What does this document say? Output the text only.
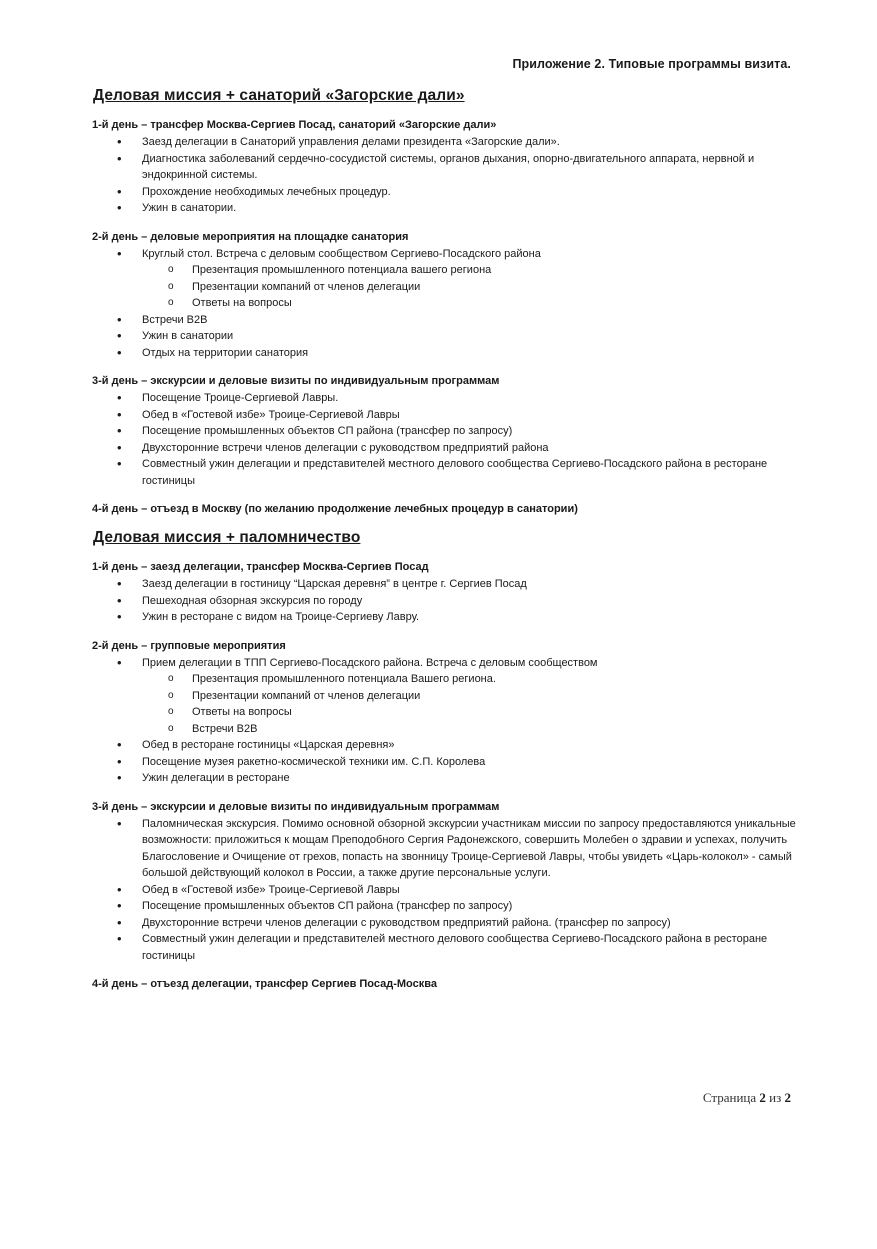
Приложение 2. Типовые программы визита.
Деловая миссия + санаторий «Загорские дали»
1-й день – трансфер Москва-Сергиев Посад, санаторий «Загорские дали»
• Заезд делегации в Санаторий управления делами президента «Загорские дали».
• Диагностика заболеваний сердечно-сосудистой системы, органов дыхания, опорно-двигательного аппарата, нервной и эндокринной системы.
• Прохождение необходимых лечебных процедур.
• Ужин в санатории.
2-й день – деловые мероприятия на площадке санатория
• Круглый стол. Встреча с деловым сообществом Сергиево-Посадского района
o Презентация промышленного потенциала вашего региона
o Презентации компаний от членов делегации
o Ответы на вопросы
• Встречи B2B
• Ужин в санатории
• Отдых на территории санатория
3-й день – экскурсии и деловые визиты по индивидуальным программам
• Посещение Троице-Сергиевой Лавры.
• Обед в «Гостевой избе» Троице-Сергиевой Лавры
• Посещение промышленных объектов СП района (трансфер по запросу)
• Двухсторонние встречи членов делегации с руководством предприятий района
• Совместный ужин делегации и представителей местного делового сообщества Сергиево-Посадского района в ресторане гостиницы
4-й день – отъезд в Москву (по желанию продолжение лечебных процедур в санатории)
Деловая миссия + паломничество
1-й день – заезд делегации, трансфер Москва-Сергиев Посад
• Заезд делегации в гостиницу “Царская деревня” в центре г. Сергиев Посад
• Пешеходная обзорная экскурсия по городу
• Ужин в ресторане с видом на Троице-Сергиеву Лавру.
2-й день – групповые мероприятия
• Прием делегации в ТПП Сергиево-Посадского района. Встреча с деловым сообществом
o Презентация промышленного потенциала Вашего региона.
o Презентации компаний от членов делегации
o Ответы на вопросы
o Встречи B2B
• Обед в ресторане гостиницы «Царская деревня»
• Посещение музея ракетно-космической техники им. С.П. Королева
• Ужин делегации в ресторане
3-й день – экскурсии и деловые визиты по индивидуальным программам
• Паломническая экскурсия. Помимо основной обзорной экскурсии участникам миссии по запросу предоставляются уникальные возможности: приложиться к мощам Преподобного Сергия Радонежского, совершить Молебен о здравии и успехах, получить Благословение и Очищение от грехов, попасть на звонницу Троице-Сергиевой Лавры, чтобы увидеть «Царь-колокол» - самый большой действующий колокол в России, а также другие персональные услуги.
• Обед в «Гостевой избе» Троице-Сергиевой Лавры
• Посещение промышленных объектов СП района (трансфер по запросу)
• Двухсторонние встречи членов делегации с руководством предприятий района. (трансфер по запросу)
• Совместный ужин делегации и представителей местного делового сообщества Сергиево-Посадского района в ресторане гостиницы
4-й день – отъезд делегации, трансфер Сергиев Посад-Москва
Страница 2 из 2
